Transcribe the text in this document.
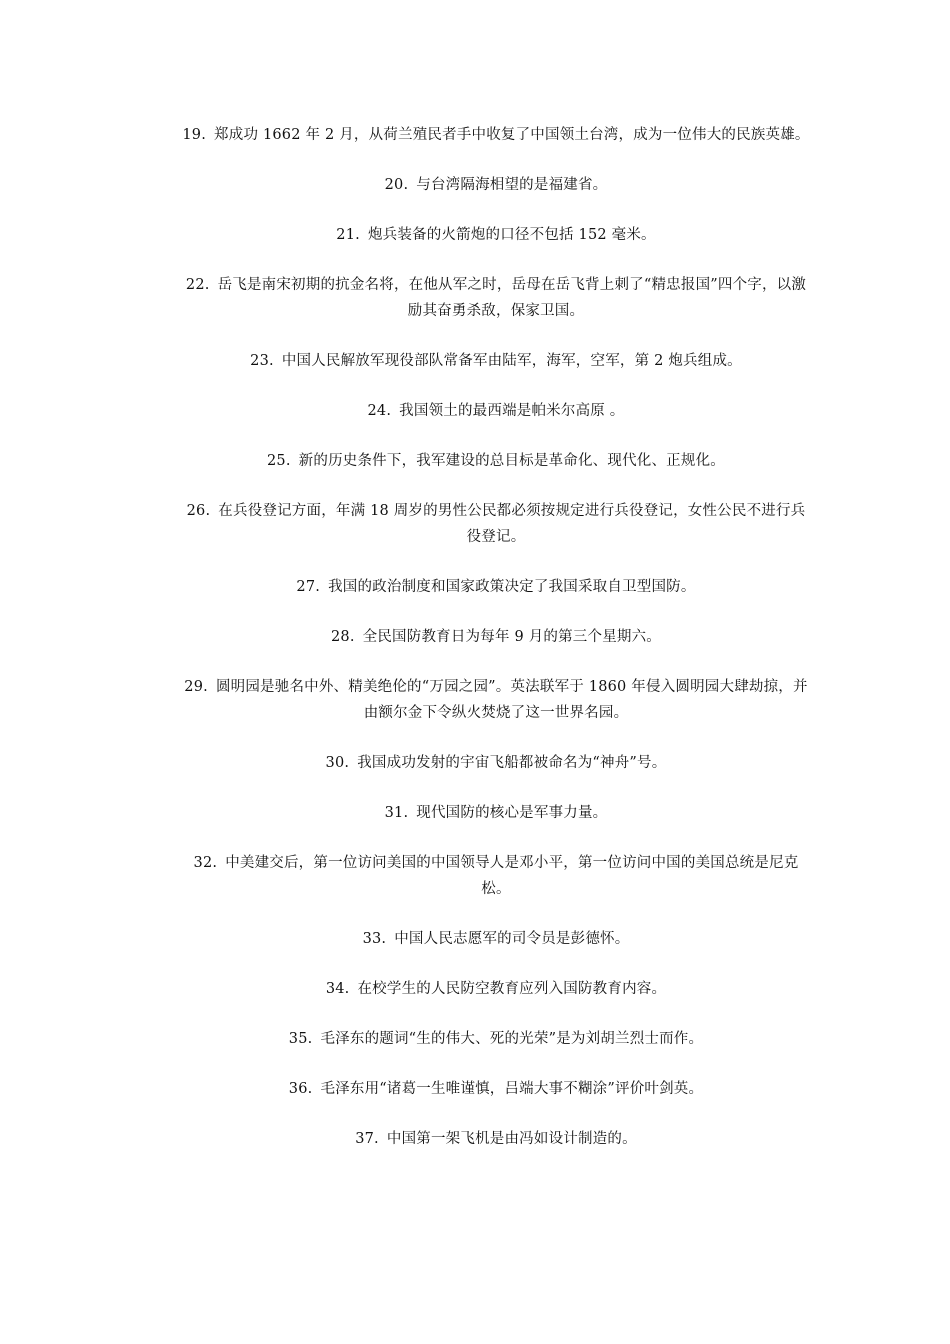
19. 郑成功 1662 年 2 月，从荷兰殖民者手中收复了中国领土台湾，成为一位伟大的民族英雄。

20. 与台湾隔海相望的是福建省。

21. 炮兵装备的火箭炮的口径不包括 152 毫米。

22. 岳飞是南宋初期的抗金名将，在他从军之时，岳母在岳飞背上刺了“精忠报国”四个字，以激励其奋勇杀敌，保家卫国。

23. 中国人民解放军现役部队常备军由陆军，海军，空军，第 2 炮兵组成。

24. 我国领土的最西端是帕米尔高原 。

25. 新的历史条件下，我军建设的总目标是革命化、现代化、正规化。

26. 在兵役登记方面，年满 18 周岁的男性公民都必须按规定进行兵役登记，女性公民不进行兵役登记。

27. 我国的政治制度和国家政策决定了我国采取自卫型国防。

28. 全民国防教育日为每年 9 月的第三个星期六。

29. 圆明园是驰名中外、精美绝伦的“万园之园”。英法联军于 1860 年侵入圆明园大肆劫掠，并由额尔金下令纵火焚烧了这一世界名园。

30. 我国成功发射的宇宙飞船都被命名为“神舟”号。

31. 现代国防的核心是军事力量。

32. 中美建交后，第一位访问美国的中国领导人是邓小平，第一位访问中国的美国总统是尼克松。

33. 中国人民志愿军的司令员是彭德怀。

34. 在校学生的人民防空教育应列入国防教育内容。

35. 毛泽东的题词“生的伟大、死的光荣”是为刘胡兰烈士而作。

36. 毛泽东用“诸葛一生唯谨慎，吕端大事不糊涂”评价叶剑英。

37. 中国第一架飞机是由冯如设计制造的。
